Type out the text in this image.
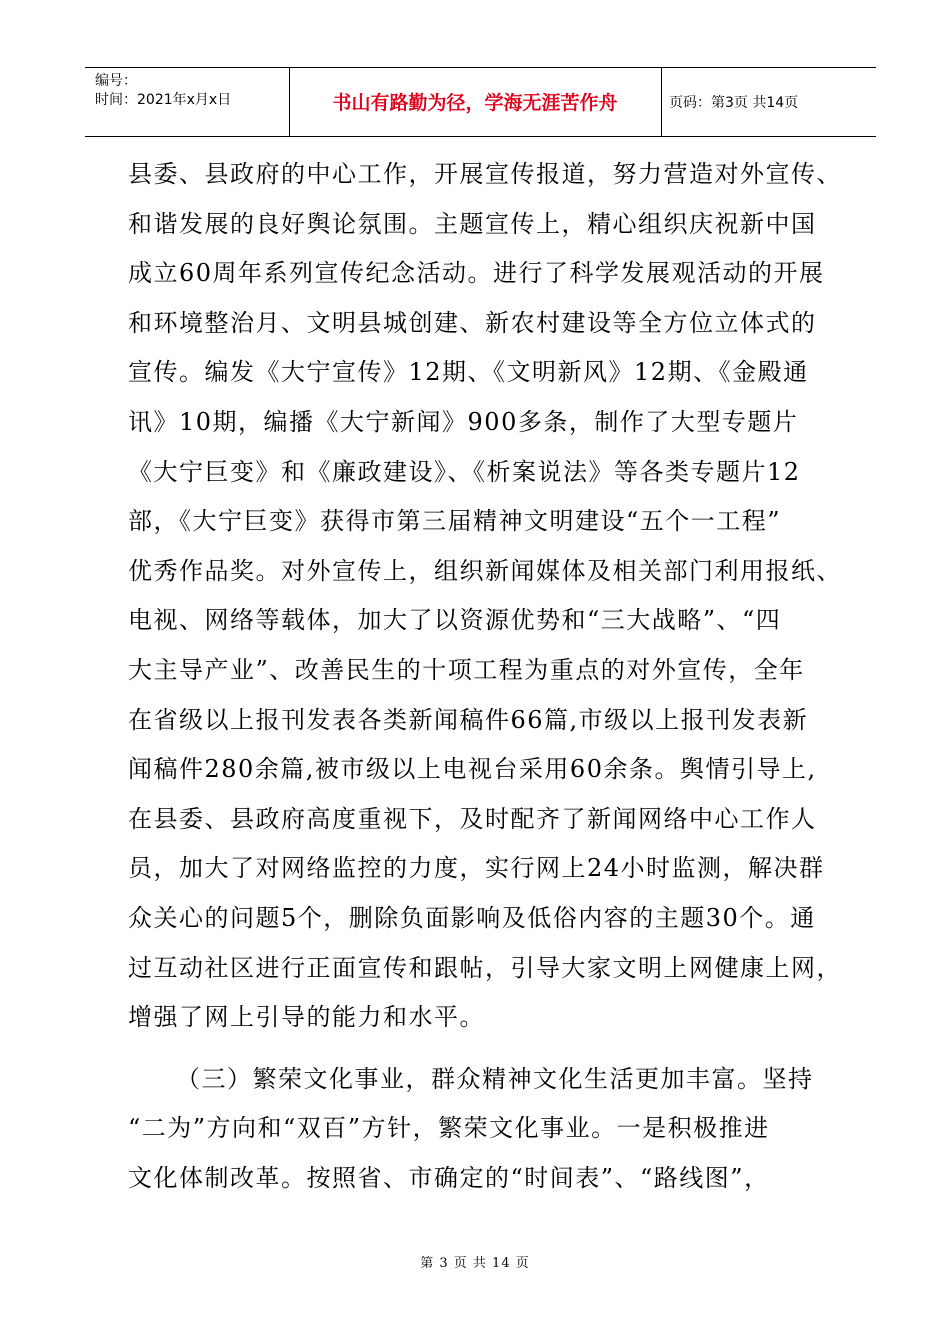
编号：
时间：2021年x月x日	书山有路勤为径，学海无涯苦作舟	页码：第3页 共14页
县委、县政府的中心工作，开展宣传报道，努力营造对外宣传、
和谐发展的良好舆论氛围。主题宣传上，精心组织庆祝新中国
成立60周年系列宣传纪念活动。进行了科学发展观活动的开展
和环境整治月、文明县城创建、新农村建设等全方位立体式的
宣传。编发《大宁宣传》12期、《文明新风》12期、《金殿通
讯》10期，编播《大宁新闻》900多条，制作了大型专题片
《大宁巨变》和《廉政建设》、《析案说法》等各类专题片12
部，《大宁巨变》获得市第三届精神文明建设“五个一工程”
优秀作品奖。对外宣传上，组织新闻媒体及相关部门利用报纸、
电视、网络等载体，加大了以资源优势和“三大战略”、“四
大主导产业”、改善民生的十项工程为重点的对外宣传，全年
在省级以上报刊发表各类新闻稿件66篇,市级以上报刊发表新
闻稿件280余篇,被市级以上电视台采用60余条。舆情引导上,
在县委、县政府高度重视下，及时配齐了新闻网络中心工作人
员，加大了对网络监控的力度，实行网上24小时监测，解决群
众关心的问题5个，删除负面影响及低俗内容的主题30个。通
过互动社区进行正面宣传和跟帖，引导大家文明上网健康上网，
增强了网上引导的能力和水平。
（三）繁荣文化事业，群众精神文化生活更加丰富。坚持
“二为”方向和“双百”方针，繁荣文化事业。一是积极推进
文化体制改革。按照省、市确定的“时间表”、“路线图”，
第 3 页 共 14 页
